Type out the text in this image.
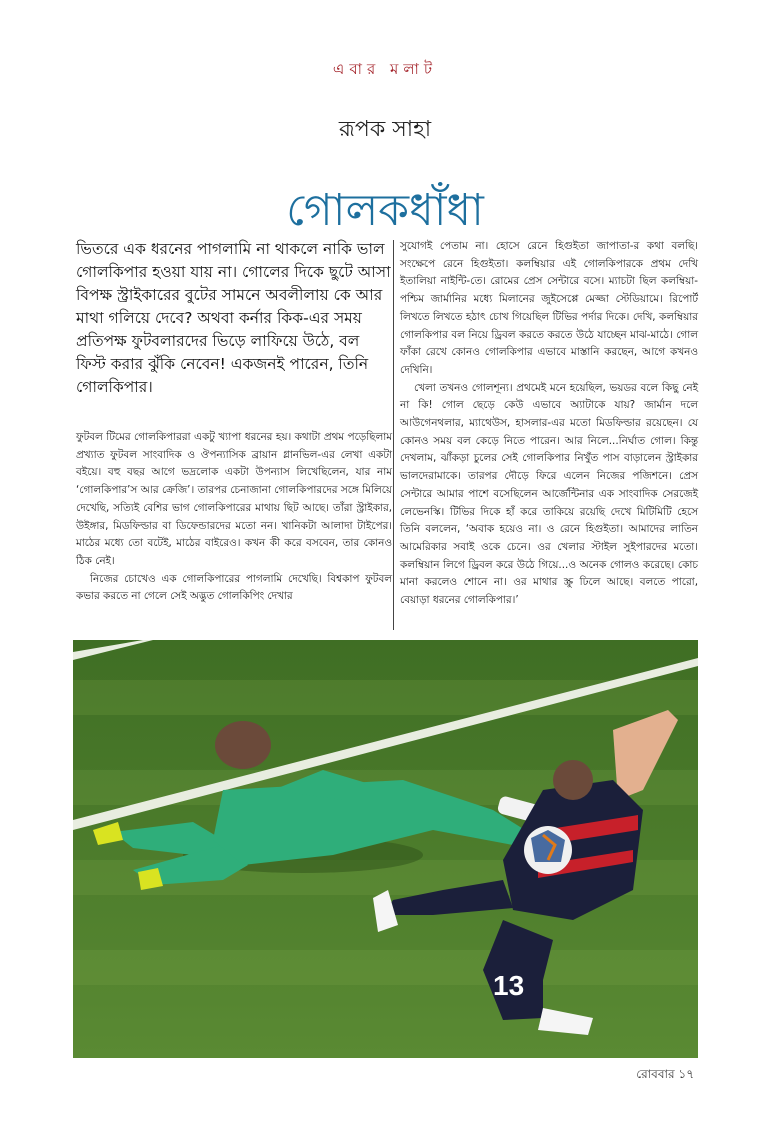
এবার মলাট
রূপক সাহা
গোলকধাঁধা

ভিতরে এক ধরনের পাগলামি না থাকলে নাকি ভাল গোলকিপার হওয়া যায় না। গোলের দিকে ছুটে আসা বিপক্ষ স্ট্রাইকারের বুটের সামনে অবলীলায় কে আর মাথা গলিয়ে দেবে? অথবা কর্নার কিক-এর সময় প্রতিপক্ষ ফুটবলারদের ভিড়ে লাফিয়ে উঠে, বল ফিস্ট করার ঝুঁকি নেবেন! একজনই পারেন, তিনি গোলকিপার।

ফুটবল টিমের গোলকিপাররা একটু খ্যাপা ধরনের হয়। কথাটা প্রথম পড়েছিলাম প্রখ্যাত ফুটবল সাংবাদিক ও ঔপন্যাসিক ব্রায়ান গ্লানভিল-এর লেখা একটা বইয়ে। বহু বছর আগে ভদ্রলোক একটা উপন্যাস লিখেছিলেন, যার নাম ‘গোলকিপার’স আর ক্রেজি’। তারপর চেনাজানা গোলকিপারদের সঙ্গে মিলিয়ে দেখেছি, সত্যিই বেশির ভাগ গোলকিপারের মাথায় ছিট আছে। তাঁরা স্ট্রাইকার, উইঙ্গার, মিডফিল্ডার বা ডিফেন্ডারদের মতো নন। খানিকটা আলাদা টাইপের। মাঠের মধ্যে তো বটেই, মাঠের বাইরেও। কখন কী করে বসবেন, তার কোনও ঠিক নেই।

নিজের চোখেও এক গোলকিপারের পাগলামি দেখেছি। বিশ্বকাপ ফুটবল কভার করতে না গেলে সেই অদ্ভুত গোলকিপিং দেখার

সুযোগই পেতাম না। হোসে রেনে হিগুইতা জাপাতা-র কথা বলছি। সংক্ষেপে রেনে হিগুইতা। কলম্বিয়ার এই গোলকিপারকে প্রথম দেখি ইতালিয়া নাইন্টি-তে। রোমের প্রেস সেন্টারে বসে। ম্যাচটা ছিল কলম্বিয়া-পশ্চিম জার্মানির মধ্যে মিলানের জুইসেপ্পে মেজ্জা স্টেডিয়ামে। রিপোর্ট লিখতে লিখতে হঠাৎ চোখ গিয়েছিল টিভির পর্দার দিকে। দেখি, কলম্বিয়ার গোলকিপার বল নিয়ে ড্রিবল করতে করতে উঠে যাচ্ছেন মাঝ-মাঠে। গোল ফাঁকা রেখে কোনও গোলকিপার এভাবে মাস্তানি করছেন, আগে কখনও দেখিনি।

খেলা তখনও গোলশূন্য। প্রথমেই মনে হয়েছিল, ভয়ডর বলে কিছু নেই না কি! গোল ছেড়ে কেউ এভাবে অ্যাটাকে যায়? জার্মান দলে আউগেনথলার, ম্যাথেউস, হাসলার-এর মতো মিডফিল্ডার রয়েছেন। যে কোনও সময় বল কেড়ে নিতে পারেন। আর নিলে...নির্ঘাত গোল। কিন্তু দেখলাম, ঝাঁকড়া চুলের সেই গোলকিপার নিখুঁত পাস বাড়ালেন স্ট্রাইকার ভালদেরামাকে। তারপর দৌড়ে ফিরে এলেন নিজের পজিশনে। প্রেস সেন্টারে আমার পাশে বসেছিলেন আর্জেন্টিনার এক সাংবাদিক সেরজেই লেভেনস্কি। টিভির দিকে হাঁ করে তাকিয়ে রয়েছি দেখে মিটিমিটি হেসে তিনি বললেন, ‘অবাক হয়েও না। ও রেনে হিগুইতা। আমাদের লাতিন আমেরিকার সবাই ওকে চেনে। ওর খেলার স্টাইল সুইপারদের মতো। কলম্বিয়ান লিগে ড্রিবল করে উঠে গিয়ে...ও অনেক গোলও করেছে। কোচ মানা করলেও শোনে না। ওর মাথার স্ক্রু ঢিলে আছে। বলতে পারো, বেয়াড়া ধরনের গোলকিপার।’

13
রোববার ১৭
